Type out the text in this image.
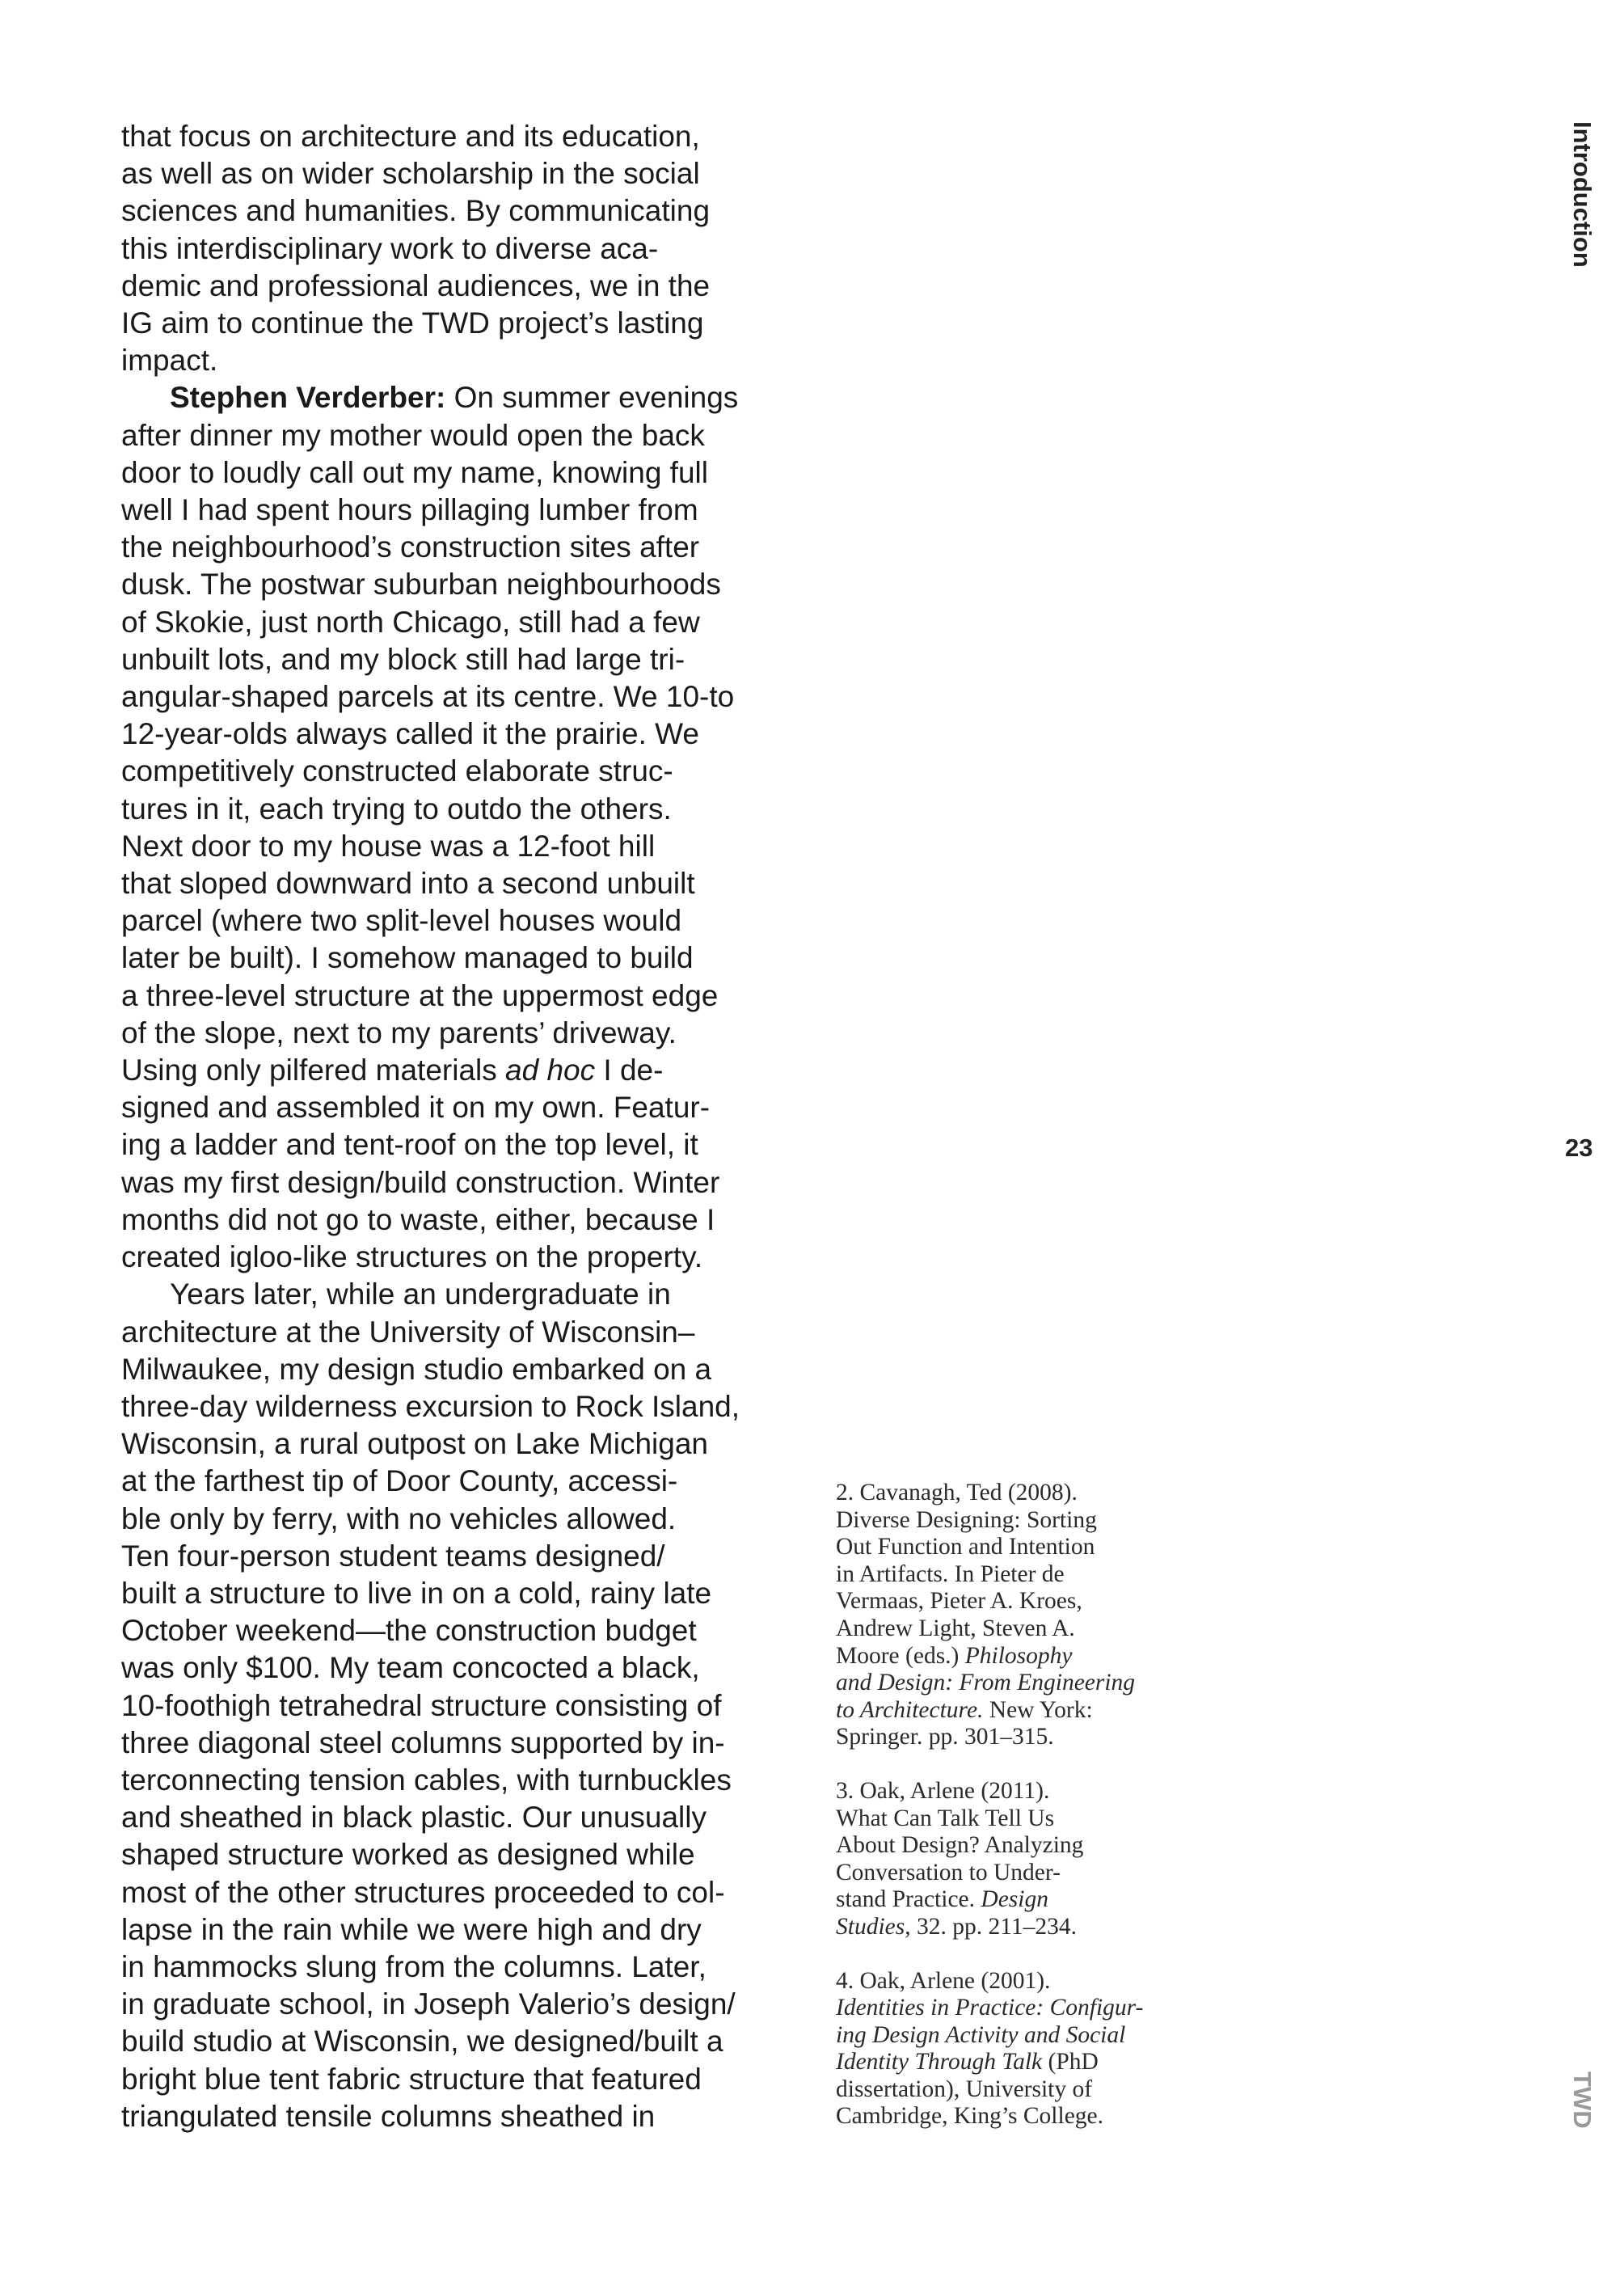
that focus on architecture and its education,
as well as on wider scholarship in the social
sciences and humanities. By communicating
this interdisciplinary work to diverse aca-
demic and professional audiences, we in the
IG aim to continue the TWD project’s lasting
impact.
Stephen Verderber: On summer evenings
after dinner my mother would open the back
door to loudly call out my name, knowing full
well I had spent hours pillaging lumber from
the neighbourhood’s construction sites after
dusk. The postwar suburban neighbourhoods
of Skokie, just north Chicago, still had a few
unbuilt lots, and my block still had large tri-
angular-shaped parcels at its centre. We 10-to
12-year-olds always called it the prairie. We
competitively constructed elaborate struc-
tures in it, each trying to outdo the others.
Next door to my house was a 12-foot hill
that sloped downward into a second unbuilt
parcel (where two split-level houses would
later be built). I somehow managed to build
a three-level structure at the uppermost edge
of the slope, next to my parents’ driveway.
Using only pilfered materials ad hoc I de-
signed and assembled it on my own. Featur-
ing a ladder and tent-roof on the top level, it
was my first design/build construction. Winter
months did not go to waste, either, because I
created igloo-like structures on the property.
Years later, while an undergraduate in
architecture at the University of Wisconsin–
Milwaukee, my design studio embarked on a
three-day wilderness excursion to Rock Island,
Wisconsin, a rural outpost on Lake Michigan
at the farthest tip of Door County, accessi-
ble only by ferry, with no vehicles allowed.
Ten four-person student teams designed/
built a structure to live in on a cold, rainy late
October weekend—the construction budget
was only $100. My team concocted a black,
10-foothigh tetrahedral structure consisting of
three diagonal steel columns supported by in-
terconnecting tension cables, with turnbuckles
and sheathed in black plastic. Our unusually
shaped structure worked as designed while
most of the other structures proceeded to col-
lapse in the rain while we were high and dry
in hammocks slung from the columns. Later,
in graduate school, in Joseph Valerio’s design/
build studio at Wisconsin, we designed/built a
bright blue tent fabric structure that featured
triangulated tensile columns sheathed in
2. Cavanagh, Ted (2008).
Diverse Designing: Sorting
Out Function and Intention
in Artifacts. In Pieter de
Vermaas, Pieter A. Kroes,
Andrew Light, Steven A.
Moore (eds.) Philosophy
and Design: From Engineering
to Architecture. New York:
Springer. pp. 301–315.
3. Oak, Arlene (2011).
What Can Talk Tell Us
About Design? Analyzing
Conversation to Under-
stand Practice. Design
Studies, 32. pp. 211–234.
4. Oak, Arlene (2001).
Identities in Practice: Configur-
ing Design Activity and Social
Identity Through Talk (PhD
dissertation), University of
Cambridge, King’s College.
Introduction
23
TWD
